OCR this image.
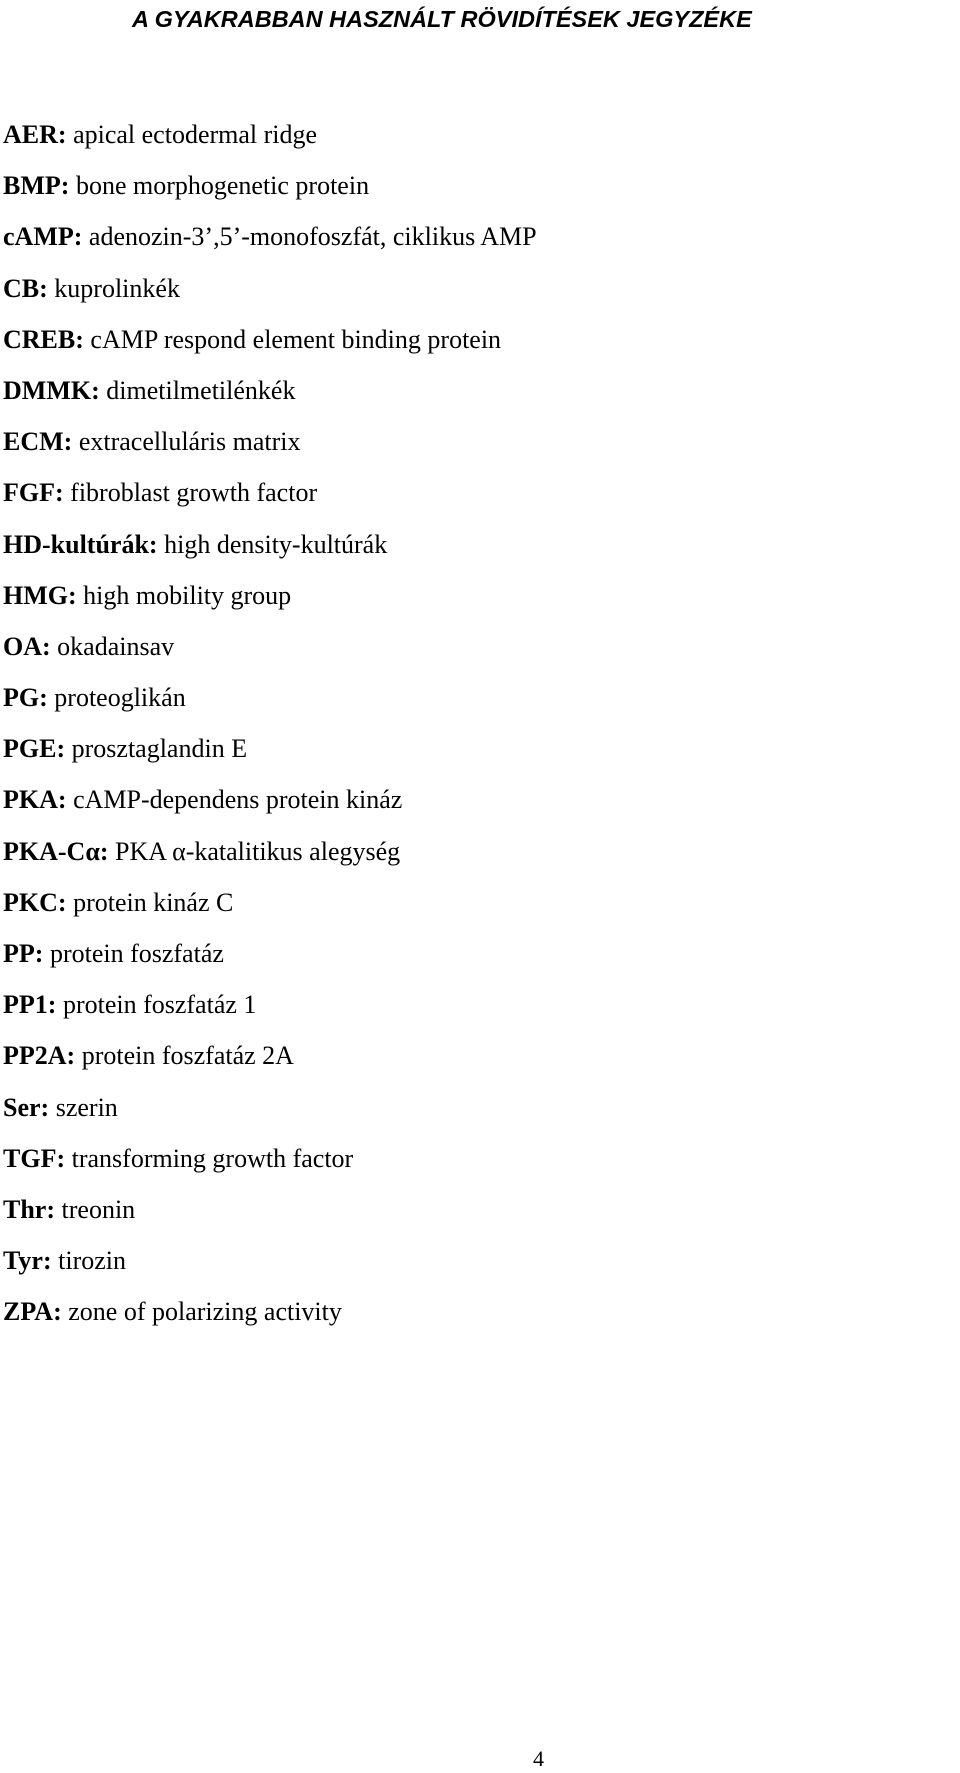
A GYAKRABBAN HASZNÁLT RÖVIDÍTÉSEK JEGYZÉKE
AER: apical ectodermal ridge
BMP: bone morphogenetic protein
cAMP: adenozin-3’,5’-monofoszfát, ciklikus AMP
CB: kuprolinkék
CREB: cAMP respond element binding protein
DMMK: dimetilmetilénkék
ECM: extracelluláris matrix
FGF: fibroblast growth factor
HD-kultúrák: high density-kultúrák
HMG: high mobility group
OA: okadainsav
PG: proteoglikán
PGE: prosztaglandin E
PKA: cAMP-dependens protein kináz
PKA-Cα: PKA α-katalitikus alegység
PKC: protein kináz C
PP: protein foszfatáz
PP1: protein foszfatáz 1
PP2A: protein foszfatáz 2A
Ser: szerin
TGF: transforming growth factor
Thr: treonin
Tyr: tirozin
ZPA: zone of polarizing activity
4
